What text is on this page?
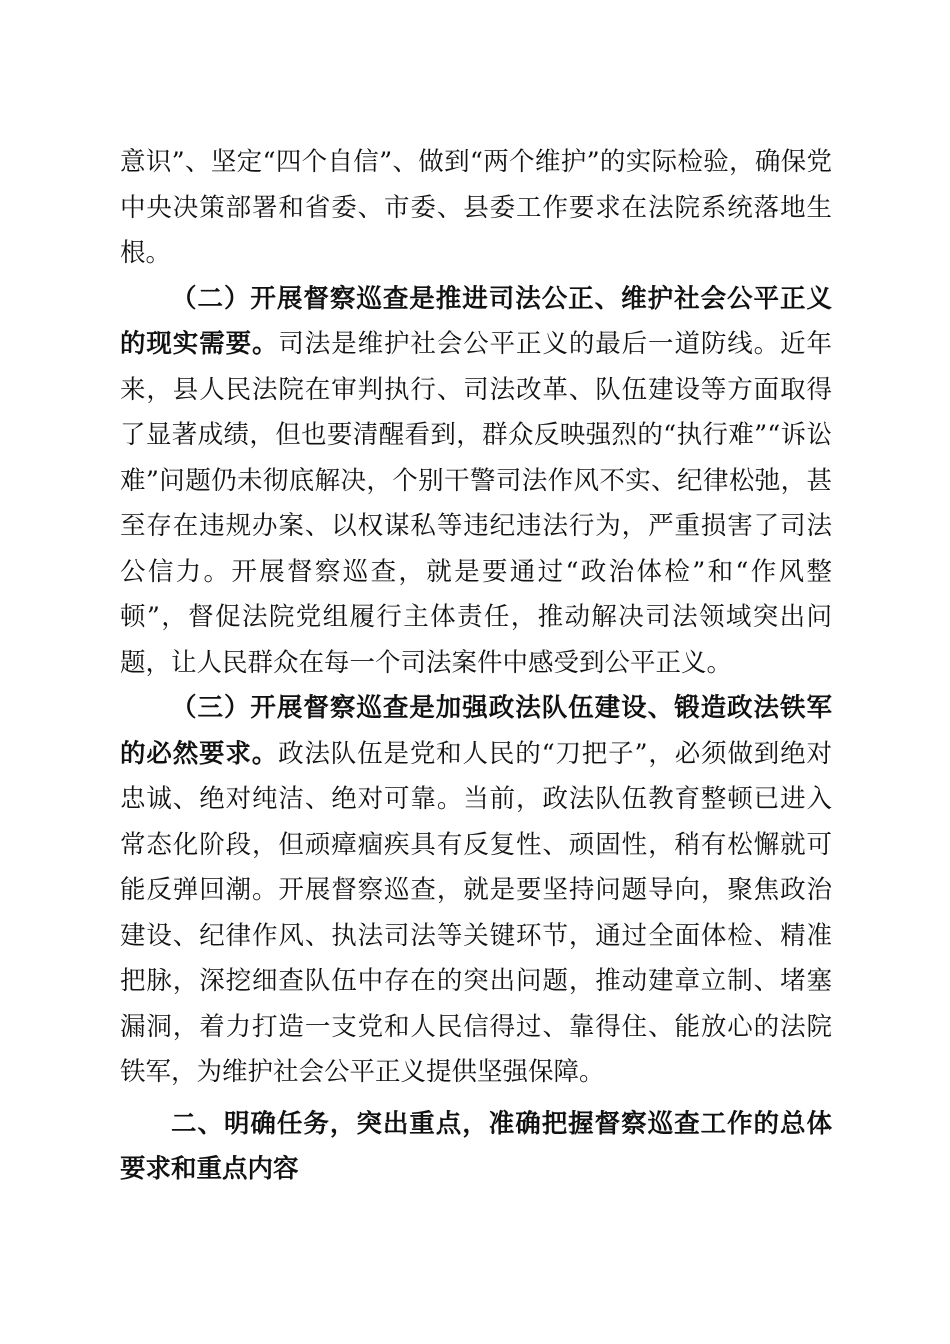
意识”、坚定“四个自信”、做到“两个维护”的实际检验，确保党中央决策部署和省委、市委、县委工作要求在法院系统落地生根。

（二）开展督察巡查是推进司法公正、维护社会公平正义的现实需要。司法是维护社会公平正义的最后一道防线。近年来，县人民法院在审判执行、司法改革、队伍建设等方面取得了显著成绩，但也要清醒看到，群众反映强烈的“执行难”“诉讼难”问题仍未彻底解决，个别干警司法作风不实、纪律松弛，甚至存在违规办案、以权谋私等违纪违法行为，严重损害了司法公信力。开展督察巡查，就是要通过“政治体检”和“作风整顿”，督促法院党组履行主体责任，推动解决司法领域突出问题，让人民群众在每一个司法案件中感受到公平正义。

（三）开展督察巡查是加强政法队伍建设、锻造政法铁军的必然要求。政法队伍是党和人民的“刀把子”，必须做到绝对忠诚、绝对纯洁、绝对可靠。当前，政法队伍教育整顿已进入常态化阶段，但顽瘴痼疾具有反复性、顽固性，稍有松懈就可能反弹回潮。开展督察巡查，就是要坚持问题导向，聚焦政治建设、纪律作风、执法司法等关键环节，通过全面体检、精准把脉，深挖细查队伍中存在的突出问题，推动建章立制、堵塞漏洞，着力打造一支党和人民信得过、靠得住、能放心的法院铁军，为维护社会公平正义提供坚强保障。

二、明确任务，突出重点，准确把握督察巡查工作的总体要求和重点内容
